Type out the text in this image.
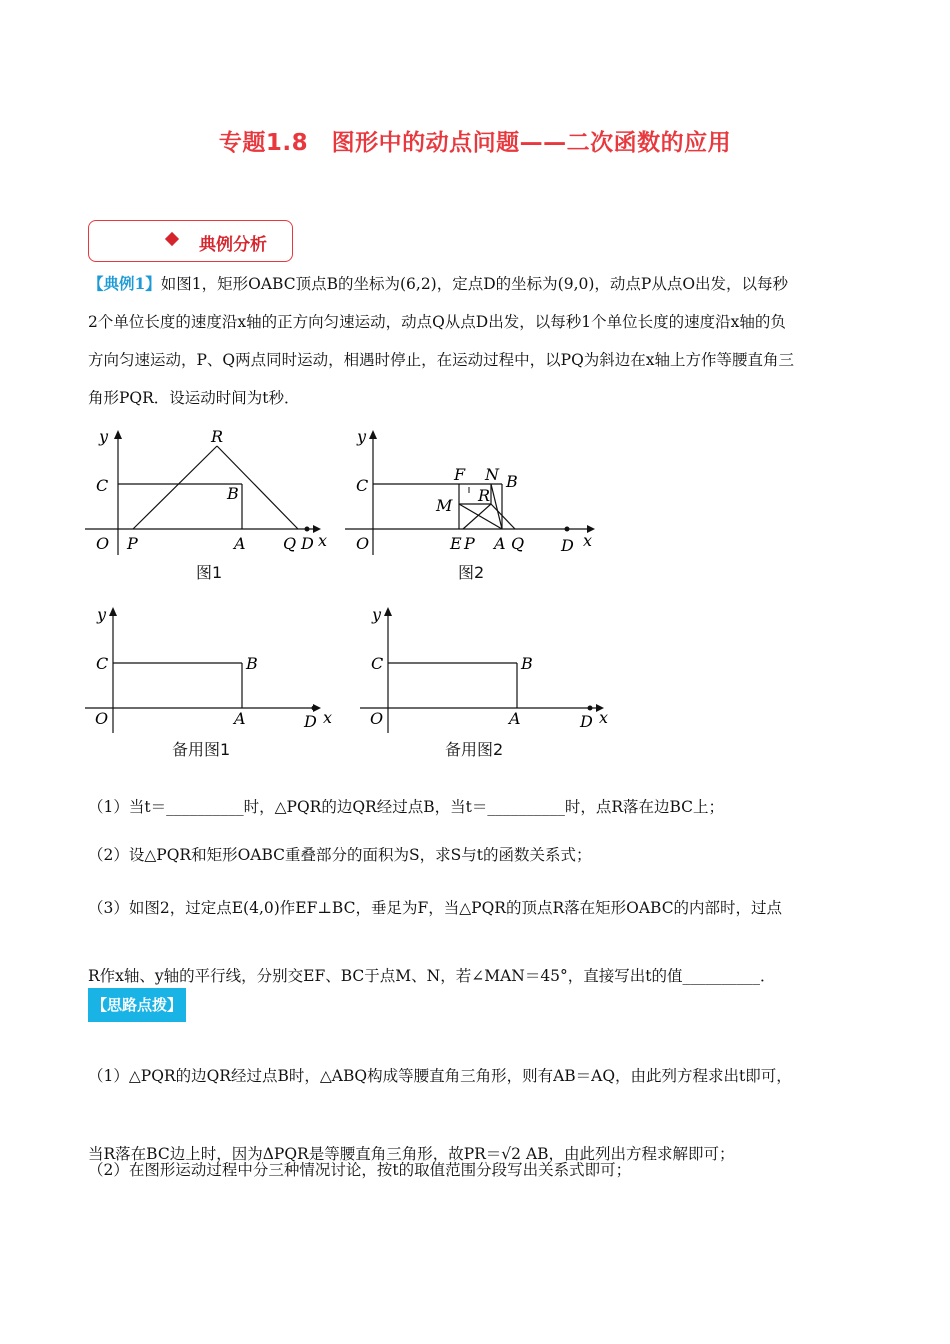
专题1.8　图形中的动点问题——二次函数的应用
典例分析
【典例1】如图1，矩形OABC顶点B的坐标为(6,2)，定点D的坐标为(9,0)，动点P从点O出发，以每秒
2个单位长度的速度沿x轴的正方向匀速运动，动点Q从点D出发，以每秒1个单位长度的速度沿x轴的负
方向匀速运动，P、Q两点同时运动，相遇时停止，在运动过程中，以PQ为斜边在x轴上方作等腰直角三
角形PQR．设运动时间为t秒．
y
C	B
R
O P	A Q D x
图1
y
C
F N B
R
M
O	E P A Q D x
图2
y
C	B
O	A	D x
备用图1
y
C	B
O	A	D x
备用图2
（1）当t＝__________时，△PQR的边QR经过点B，当t＝__________时，点R落在边BC上；
（2）设△PQR和矩形OABC重叠部分的面积为S，求S与t的函数关系式；
（3）如图2，过定点E(4,0)作EF⊥BC，垂足为F，当△PQR的顶点R落在矩形OABC的内部时，过点
R作x轴、y轴的平行线，分别交EF、BC于点M、N，若∠MAN＝45°，直接写出t的值__________．
【思路点拨】
（1）△PQR的边QR经过点B时，△ABQ构成等腰直角三角形，则有AB＝AQ，由此列方程求出t即可，
当R落在BC边上时，因为ΔPQR是等腰直角三角形，故PR＝√2 AB，由此列出方程求解即可；
（2）在图形运动过程中分三种情况讨论，按t的取值范围分段写出关系式即可；
